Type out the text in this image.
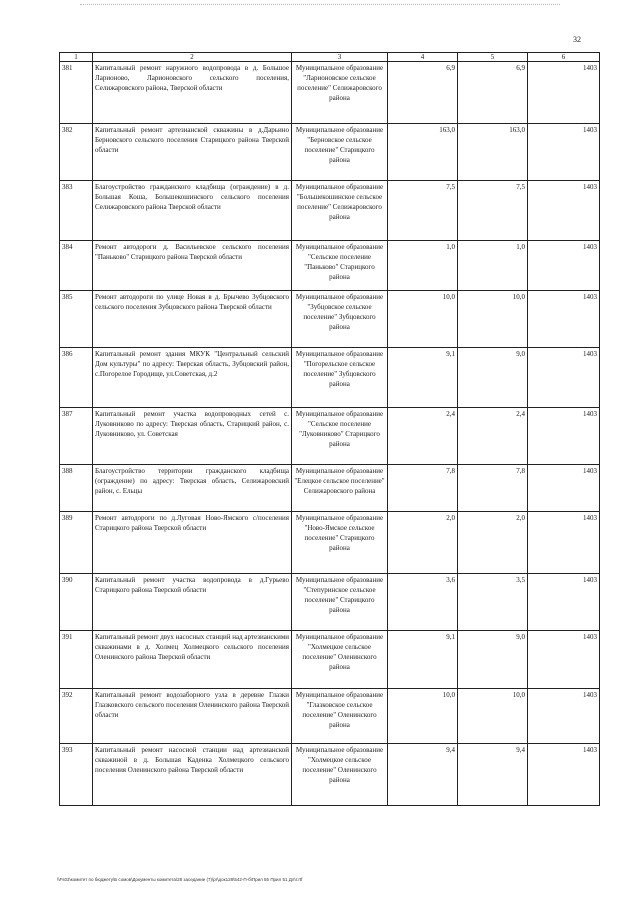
32
1	2	3	4	5	6
381	Капитальный ремонт наружного водопровода в д. Большое Ларионово, Ларионовского сельского поселения, Селижаровского района, Тверской области	Муниципальное образование "Ларионовское сельское поселение" Селижаровского района	6,9	6,9	1403
382	Капитальный ремонт артезианской скважины в д.Дарьино Берновского сельского поселения Старицкого района Тверской области	Муниципальное образование "Берновское сельское поселение" Старицкого района	163,0	163,0	1403
383	Благоустройство гражданского кладбища (ограждение) в д. Большая Коша, Большекошинского сельского поселения Селижаровского района Тверской области	Муниципальное образование "Большекошинское сельское поселение" Селижаровского района	7,5	7,5	1403
384	Ремонт автодороги д. Васильевское сельского поселения "Паньково" Старицкого района Тверской области	Муниципальное образование "Сельское поселение "Паньково" Старицкого района	1,0	1,0	1403
385	Ремонт автодороги по улице Новая в д. Брычево Зубцовского сельского поселения Зубцовского района Тверской области	Муниципальное образование "Зубцовское сельское поселение" Зубцовского района	10,0	10,0	1403
386	Капитальный ремонт здания МКУК "Центральный сельский Дом культуры" по адресу: Тверская область, Зубцовский район, с.Погорелое Городище, ул.Советская, д.2	Муниципальное образование "Погорельское сельское поселение" Зубцовского района	9,1	9,0	1403
387	Капитальный ремонт участка водопроводных сетей с. Луковниково по адресу: Тверская область, Старицкий район, с. Луковниково, ул. Советская	Муниципальное образование "Сельское поселение "Луковниково" Старицкого района	2,4	2,4	1403
388	Благоустройство территории гражданского кладбища (ограждение) по адресу: Тверская область, Селижаровский район, с. Ельцы	Муниципальное образование "Елецкое сельское поселение" Селижаровского района	7,8	7,8	1403
389	Ремонт автодороги по д.Луговая Ново-Ямского с/поселения Старицкого района Тверской области	Муниципальное образование "Ново-Ямское сельское поселение" Старицкого района	2,0	2,0	1403
390	Капитальный ремонт участка водопровода в д.Гурьево Старицкого района Тверской области	Муниципальное образование "Степуринское сельское поселение" Старицкого района	3,6	3,5	1403
391	Капитальный ремонт двух насосных станций над артезианскими скважинами в д. Холмец Холмецкого сельского поселения Оленинского района Тверской области	Муниципальное образование "Холмецкое сельское поселение" Оленинского района	9,1	9,0	1403
392	Капитальный ремонт водозаборного узла в деревне Глазки Глазковского сельского поселения Оленинского района Тверской области	Муниципальное образование "Глазковское сельское поселение" Оленинского района	10,0	10,0	1403
393	Капитальный ремонт насосной станции над артезианской скважиной в д. Большая Каденка Холмецкого сельского поселения Оленинского района Тверской области	Муниципальное образование "Холмецкое сельское поселение" Оленинского района	9,4	9,4	1403
\\Fs03\комитет по бюджету\Б сомов\Документы комитета\28 заседание (7)\pr\док128\542-П-б\Прил 55 Прил 51 Дл\т.rtf
